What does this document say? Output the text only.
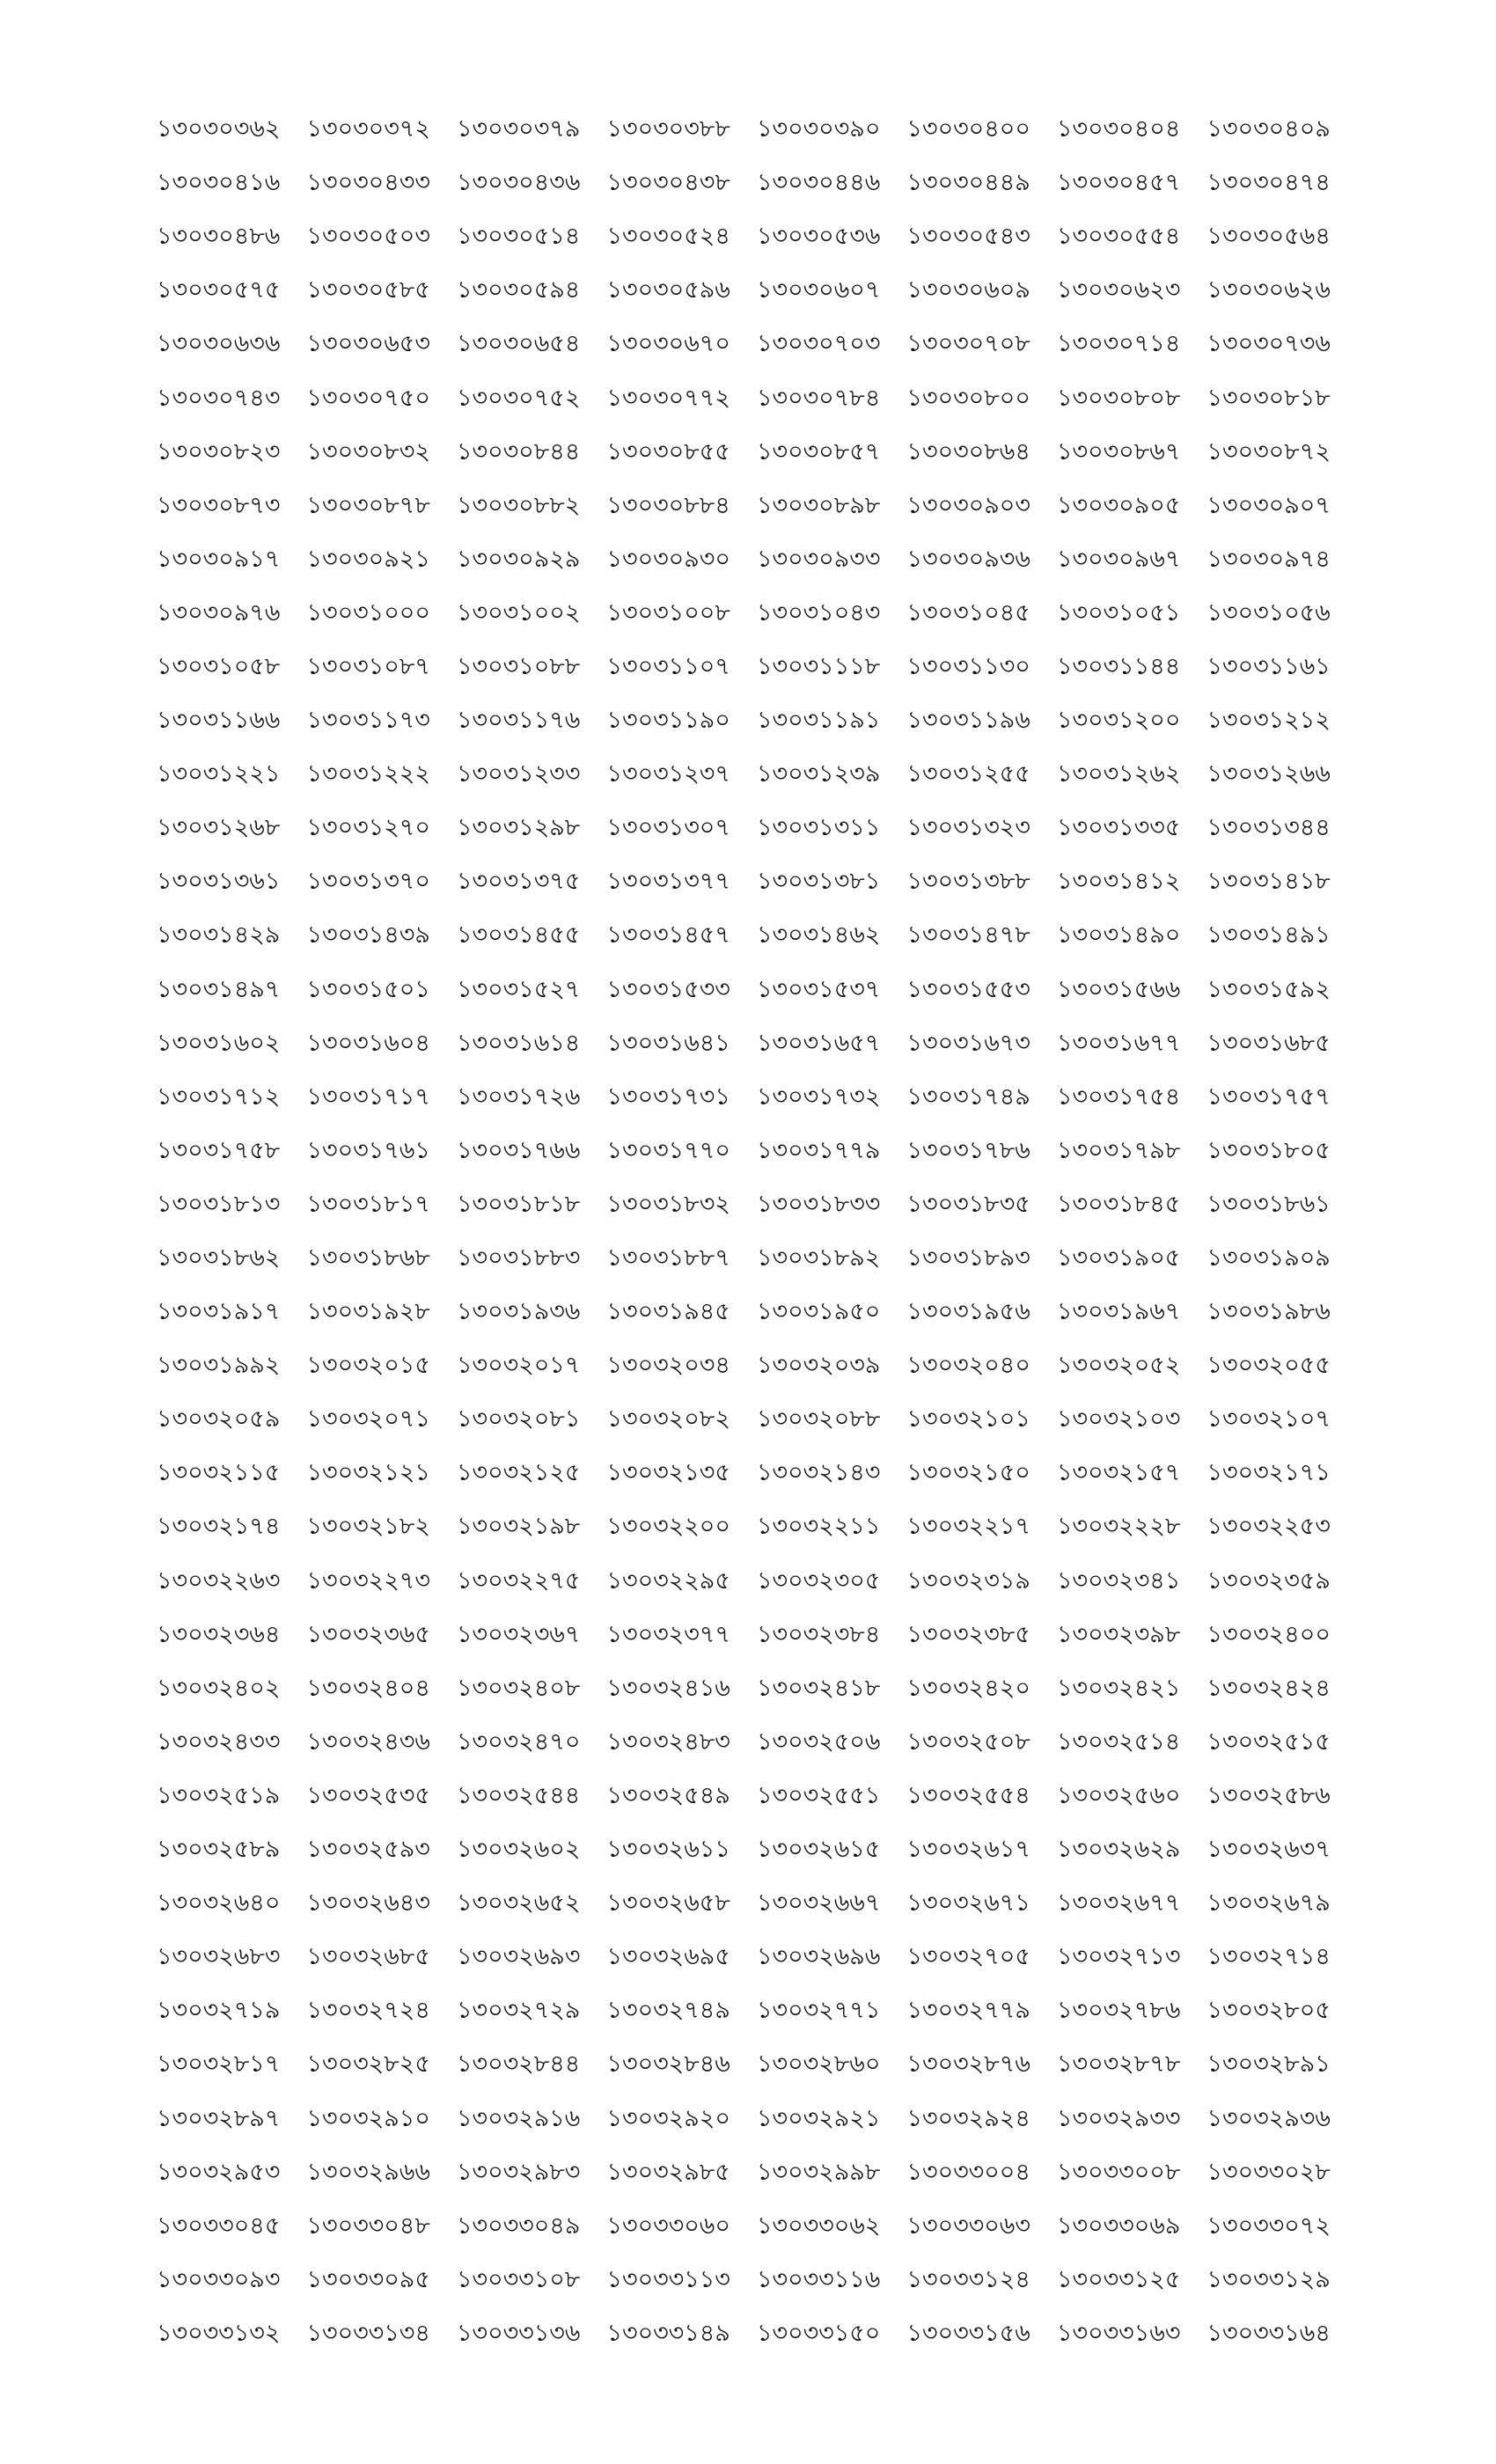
১৩০৩০৩৬২	১৩০৩০৩৭২	১৩০৩০৩৭৯	১৩০৩০৩৮৮	১৩০৩০৩৯০	১৩০৩০৪০০	১৩০৩০৪০৪	১৩০৩০৪০৯
১৩০৩০৪১৬	১৩০৩০৪৩৩	১৩০৩০৪৩৬	১৩০৩০৪৩৮	১৩০৩০৪৪৬	১৩০৩০৪৪৯	১৩০৩০৪৫৭	১৩০৩০৪৭৪
১৩০৩০৪৮৬	১৩০৩০৫০৩	১৩০৩০৫১৪	১৩০৩০৫২৪	১৩০৩০৫৩৬	১৩০৩০৫৪৩	১৩০৩০৫৫৪	১৩০৩০৫৬৪
১৩০৩০৫৭৫	১৩০৩০৫৮৫	১৩০৩০৫৯৪	১৩০৩০৫৯৬	১৩০৩০৬০৭	১৩০৩০৬০৯	১৩০৩০৬২৩	১৩০৩০৬২৬
১৩০৩০৬৩৬	১৩০৩০৬৫৩	১৩০৩০৬৫৪	১৩০৩০৬৭০	১৩০৩০৭০৩	১৩০৩০৭০৮	১৩০৩০৭১৪	১৩০৩০৭৩৬
১৩০৩০৭৪৩	১৩০৩০৭৫০	১৩০৩০৭৫২	১৩০৩০৭৭২	১৩০৩০৭৮৪	১৩০৩০৮০০	১৩০৩০৮০৮	১৩০৩০৮১৮
১৩০৩০৮২৩	১৩০৩০৮৩২	১৩০৩০৮৪৪	১৩০৩০৮৫৫	১৩০৩০৮৫৭	১৩০৩০৮৬৪	১৩০৩০৮৬৭	১৩০৩০৮৭২
১৩০৩০৮৭৩	১৩০৩০৮৭৮	১৩০৩০৮৮২	১৩০৩০৮৮৪	১৩০৩০৮৯৮	১৩০৩০৯০৩	১৩০৩০৯০৫	১৩০৩০৯০৭
১৩০৩০৯১৭	১৩০৩০৯২১	১৩০৩০৯২৯	১৩০৩০৯৩০	১৩০৩০৯৩৩	১৩০৩০৯৩৬	১৩০৩০৯৬৭	১৩০৩০৯৭৪
১৩০৩০৯৭৬	১৩০৩১০০০	১৩০৩১০০২	১৩০৩১০০৮	১৩০৩১০৪৩	১৩০৩১০৪৫	১৩০৩১০৫১	১৩০৩১০৫৬
১৩০৩১০৫৮	১৩০৩১০৮৭	১৩০৩১০৮৮	১৩০৩১১০৭	১৩০৩১১১৮	১৩০৩১১৩০	১৩০৩১১৪৪	১৩০৩১১৬১
১৩০৩১১৬৬	১৩০৩১১৭৩	১৩০৩১১৭৬	১৩০৩১১৯০	১৩০৩১১৯১	১৩০৩১১৯৬	১৩০৩১২০০	১৩০৩১২১২
১৩০৩১২২১	১৩০৩১২২২	১৩০৩১২৩৩	১৩০৩১২৩৭	১৩০৩১২৩৯	১৩০৩১২৫৫	১৩০৩১২৬২	১৩০৩১২৬৬
১৩০৩১২৬৮	১৩০৩১২৭০	১৩০৩১২৯৮	১৩০৩১৩০৭	১৩০৩১৩১১	১৩০৩১৩২৩	১৩০৩১৩৩৫	১৩০৩১৩৪৪
১৩০৩১৩৬১	১৩০৩১৩৭০	১৩০৩১৩৭৫	১৩০৩১৩৭৭	১৩০৩১৩৮১	১৩০৩১৩৮৮	১৩০৩১৪১২	১৩০৩১৪১৮
১৩০৩১৪২৯	১৩০৩১৪৩৯	১৩০৩১৪৫৫	১৩০৩১৪৫৭	১৩০৩১৪৬২	১৩০৩১৪৭৮	১৩০৩১৪৯০	১৩০৩১৪৯১
১৩০৩১৪৯৭	১৩০৩১৫০১	১৩০৩১৫২৭	১৩০৩১৫৩৩	১৩০৩১৫৩৭	১৩০৩১৫৫৩	১৩০৩১৫৬৬	১৩০৩১৫৯২
১৩০৩১৬০২	১৩০৩১৬০৪	১৩০৩১৬১৪	১৩০৩১৬৪১	১৩০৩১৬৫৭	১৩০৩১৬৭৩	১৩০৩১৬৭৭	১৩০৩১৬৮৫
১৩০৩১৭১২	১৩০৩১৭১৭	১৩০৩১৭২৬	১৩০৩১৭৩১	১৩০৩১৭৩২	১৩০৩১৭৪৯	১৩০৩১৭৫৪	১৩০৩১৭৫৭
১৩০৩১৭৫৮	১৩০৩১৭৬১	১৩০৩১৭৬৬	১৩০৩১৭৭০	১৩০৩১৭৭৯	১৩০৩১৭৮৬	১৩০৩১৭৯৮	১৩০৩১৮০৫
১৩০৩১৮১৩	১৩০৩১৮১৭	১৩০৩১৮১৮	১৩০৩১৮৩২	১৩০৩১৮৩৩	১৩০৩১৮৩৫	১৩০৩১৮৪৫	১৩০৩১৮৬১
১৩০৩১৮৬২	১৩০৩১৮৬৮	১৩০৩১৮৮৩	১৩০৩১৮৮৭	১৩০৩১৮৯২	১৩০৩১৮৯৩	১৩০৩১৯০৫	১৩০৩১৯০৯
১৩০৩১৯১৭	১৩০৩১৯২৮	১৩০৩১৯৩৬	১৩০৩১৯৪৫	১৩০৩১৯৫০	১৩০৩১৯৫৬	১৩০৩১৯৬৭	১৩০৩১৯৮৬
১৩০৩১৯৯২	১৩০৩২০১৫	১৩০৩২০১৭	১৩০৩২০৩৪	১৩০৩২০৩৯	১৩০৩২০৪০	১৩০৩২০৫২	১৩০৩২০৫৫
১৩০৩২০৫৯	১৩০৩২০৭১	১৩০৩২০৮১	১৩০৩২০৮২	১৩০৩২০৮৮	১৩০৩২১০১	১৩০৩২১০৩	১৩০৩২১০৭
১৩০৩২১১৫	১৩০৩২১২১	১৩০৩২১২৫	১৩০৩২১৩৫	১৩০৩২১৪৩	১৩০৩২১৫০	১৩০৩২১৫৭	১৩০৩২১৭১
১৩০৩২১৭৪	১৩০৩২১৮২	১৩০৩২১৯৮	১৩০৩২২০০	১৩০৩২২১১	১৩০৩২২১৭	১৩০৩২২২৮	১৩০৩২২৫৩
১৩০৩২২৬৩	১৩০৩২২৭৩	১৩০৩২২৭৫	১৩০৩২২৯৫	১৩০৩২৩০৫	১৩০৩২৩১৯	১৩০৩২৩৪১	১৩০৩২৩৫৯
১৩০৩২৩৬৪	১৩০৩২৩৬৫	১৩০৩২৩৬৭	১৩০৩২৩৭৭	১৩০৩২৩৮৪	১৩০৩২৩৮৫	১৩০৩২৩৯৮	১৩০৩২৪০০
১৩০৩২৪০২	১৩০৩২৪০৪	১৩০৩২৪০৮	১৩০৩২৪১৬	১৩০৩২৪১৮	১৩০৩২৪২০	১৩০৩২৪২১	১৩০৩২৪২৪
১৩০৩২৪৩৩	১৩০৩২৪৩৬	১৩০৩২৪৭০	১৩০৩২৪৮৩	১৩০৩২৫০৬	১৩০৩২৫০৮	১৩০৩২৫১৪	১৩০৩২৫১৫
১৩০৩২৫১৯	১৩০৩২৫৩৫	১৩০৩২৫৪৪	১৩০৩২৫৪৯	১৩০৩২৫৫১	১৩০৩২৫৫৪	১৩০৩২৫৬০	১৩০৩২৫৮৬
১৩০৩২৫৮৯	১৩০৩২৫৯৩	১৩০৩২৬০২	১৩০৩২৬১১	১৩০৩২৬১৫	১৩০৩২৬১৭	১৩০৩২৬২৯	১৩০৩২৬৩৭
১৩০৩২৬৪০	১৩০৩২৬৪৩	১৩০৩২৬৫২	১৩০৩২৬৫৮	১৩০৩২৬৬৭	১৩০৩২৬৭১	১৩০৩২৬৭৭	১৩০৩২৬৭৯
১৩০৩২৬৮৩	১৩০৩২৬৮৫	১৩০৩২৬৯৩	১৩০৩২৬৯৫	১৩০৩২৬৯৬	১৩০৩২৭০৫	১৩০৩২৭১৩	১৩০৩২৭১৪
১৩০৩২৭১৯	১৩০৩২৭২৪	১৩০৩২৭২৯	১৩০৩২৭৪৯	১৩০৩২৭৭১	১৩০৩২৭৭৯	১৩০৩২৭৮৬	১৩০৩২৮০৫
১৩০৩২৮১৭	১৩০৩২৮২৫	১৩০৩২৮৪৪	১৩০৩২৮৪৬	১৩০৩২৮৬০	১৩০৩২৮৭৬	১৩০৩২৮৭৮	১৩০৩২৮৯১
১৩০৩২৮৯৭	১৩০৩২৯১০	১৩০৩২৯১৬	১৩০৩২৯২০	১৩০৩২৯২১	১৩০৩২৯২৪	১৩০৩২৯৩৩	১৩০৩২৯৩৬
১৩০৩২৯৫৩	১৩০৩২৯৬৬	১৩০৩২৯৮৩	১৩০৩২৯৮৫	১৩০৩২৯৯৮	১৩০৩৩০০৪	১৩০৩৩০০৮	১৩০৩৩০২৮
১৩০৩৩০৪৫	১৩০৩৩০৪৮	১৩০৩৩০৪৯	১৩০৩৩০৬০	১৩০৩৩০৬২	১৩০৩৩০৬৩	১৩০৩৩০৬৯	১৩০৩৩০৭২
১৩০৩৩০৯৩	১৩০৩৩০৯৫	১৩০৩৩১০৮	১৩০৩৩১১৩	১৩০৩৩১১৬	১৩০৩৩১২৪	১৩০৩৩১২৫	১৩০৩৩১২৯
১৩০৩৩১৩২	১৩০৩৩১৩৪	১৩০৩৩১৩৬	১৩০৩৩১৪৯	১৩০৩৩১৫০	১৩০৩৩১৫৬	১৩০৩৩১৬৩	১৩০৩৩১৬৪
